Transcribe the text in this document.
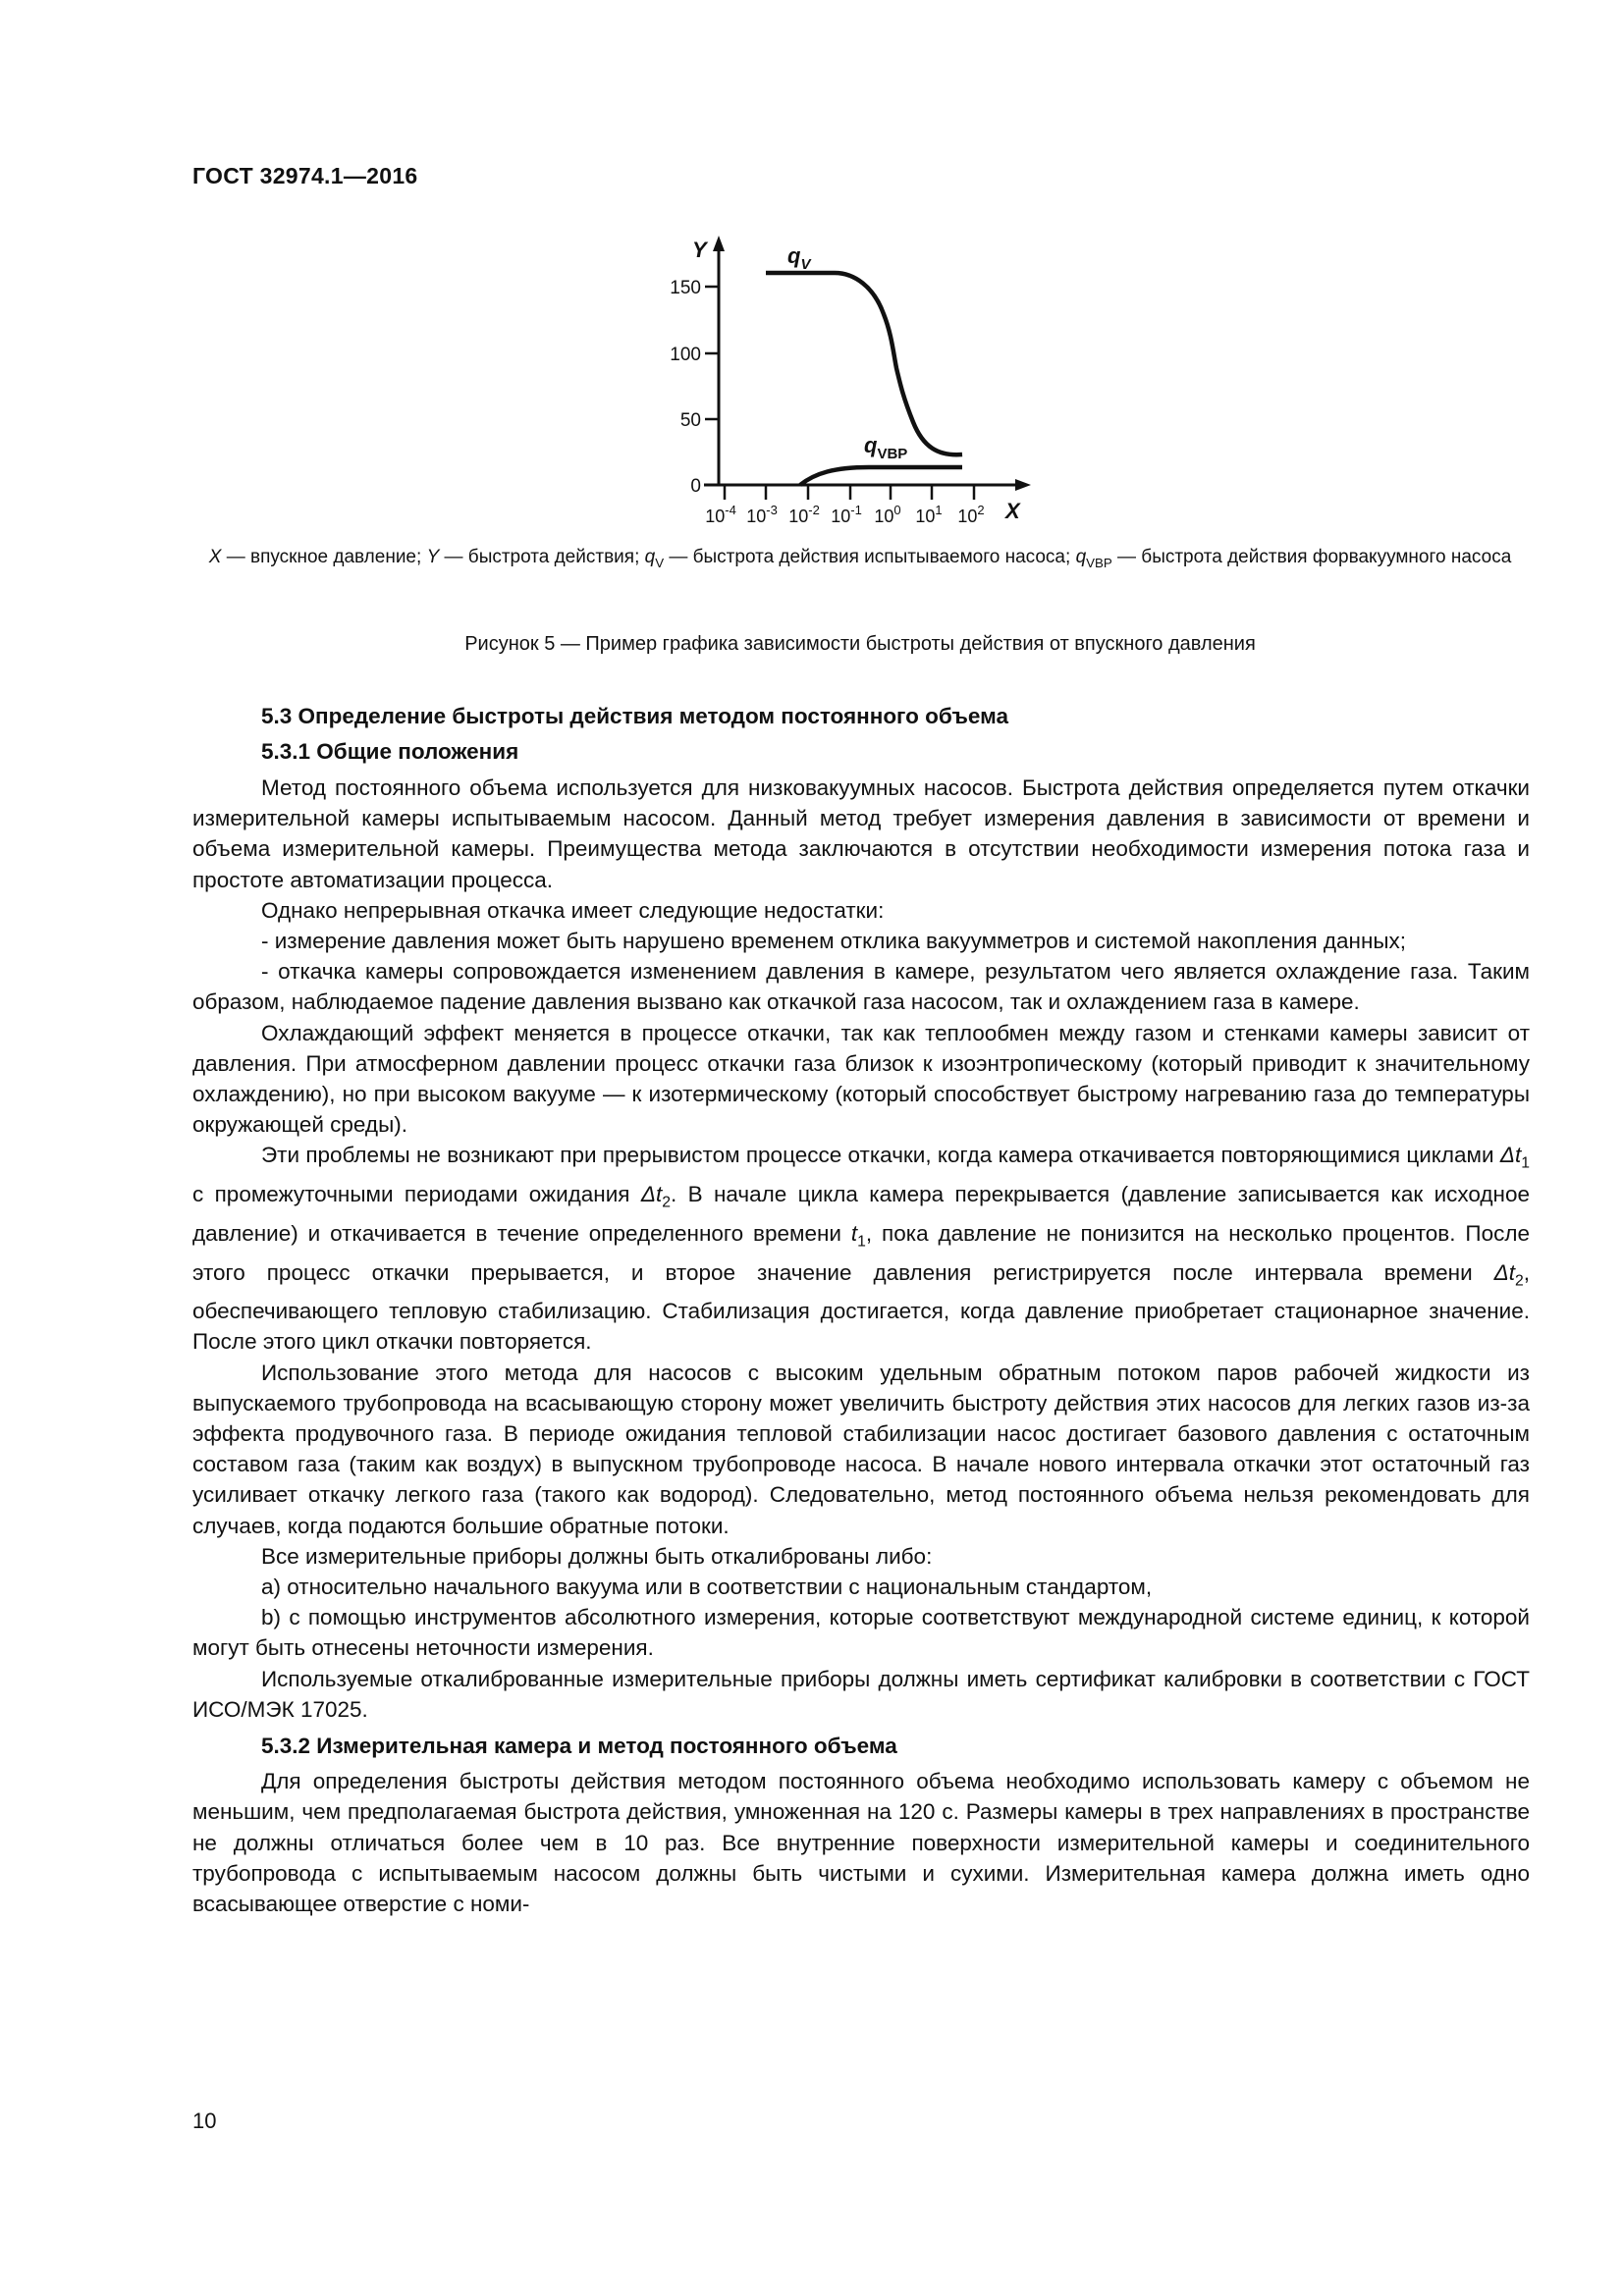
ГОСТ 32974.1—2016
Y
X
150
100
50
0
$10^{-4}$ $10^{-3}$ $10^{-2}$ $10^{-1}$ $10^0$ $10^1$ $10^2$
$q_V$
$q_{VBP}$
X — впускное давление; Y — быстрота действия; $q_V$ — быстрота действия испытываемого насоса; $q_{VBP}$ — быстрота действия форвакуумного насоса
Рисунок 5 — Пример графика зависимости быстроты действия от впускного давления
5.3 Определение быстроты действия методом постоянного объема
5.3.1 Общие положения

Метод постоянного объема используется для низковакуумных насосов. Быстрота действия определяется путем откачки измерительной камеры испытываемым насосом. Данный метод требует измерения давления в зависимости от времени и объема измерительной камеры. Преимущества метода заключаются в отсутствии необходимости измерения потока газа и простоте автоматизации процесса.

Однако непрерывная откачка имеет следующие недостатки:

- измерение давления может быть нарушено временем отклика вакуумметров и системой накопления данных;

- откачка камеры сопровождается изменением давления в камере, результатом чего является охлаждение газа. Таким образом, наблюдаемое падение давления вызвано как откачкой газа насосом, так и охлаждением газа в камере.

Охлаждающий эффект меняется в процессе откачки, так как теплообмен между газом и стенками камеры зависит от давления. При атмосферном давлении процесс откачки газа близок к изоэнтропическому (который приводит к значительному охлаждению), но при высоком вакууме — к изотермическому (который способствует быстрому нагреванию газа до температуры окружающей среды).

Эти проблемы не возникают при прерывистом процессе откачки, когда камера откачивается повторяющимися циклами $\Delta t_1$ с промежуточными периодами ожидания $\Delta t_2$. В начале цикла камера перекрывается (давление записывается как исходное давление) и откачивается в течение определенного времени $t_1$, пока давление не понизится на несколько процентов. После этого процесс откачки прерывается, и второе значение давления регистрируется после интервала времени $\Delta t_2$, обеспечивающего тепловую стабилизацию. Стабилизация достигается, когда давление приобретает стационарное значение. После этого цикл откачки повторяется.

Использование этого метода для насосов с высоким удельным обратным потоком паров рабочей жидкости из выпускаемого трубопровода на всасывающую сторону может увеличить быстроту действия этих насосов для легких газов из-за эффекта продувочного газа. В периоде ожидания тепловой стабилизации насос достигает базового давления с остаточным составом газа (таким как воздух) в выпускном трубопроводе насоса. В начале нового интервала откачки этот остаточный газ усиливает откачку легкого газа (такого как водород). Следовательно, метод постоянного объема нельзя рекомендовать для случаев, когда подаются большие обратные потоки.

Все измерительные приборы должны быть откалиброваны либо:

a) относительно начального вакуума или в соответствии с национальным стандартом,

b) с помощью инструментов абсолютного измерения, которые соответствуют международной системе единиц, к которой могут быть отнесены неточности измерения.

Используемые откалиброванные измерительные приборы должны иметь сертификат калибровки в соответствии с ГОСТ ИСО/МЭК 17025.

5.3.2 Измерительная камера и метод постоянного объема

Для определения быстроты действия методом постоянного объема необходимо использовать камеру с объемом не меньшим, чем предполагаемая быстрота действия, умноженная на 120 с. Размеры камеры в трех направлениях в пространстве не должны отличаться более чем в 10 раз. Все внутренние поверхности измерительной камеры и соединительного трубопровода с испытываемым насосом должны быть чистыми и сухими. Измерительная камера должна иметь одно всасывающее отверстие с номи-

10
